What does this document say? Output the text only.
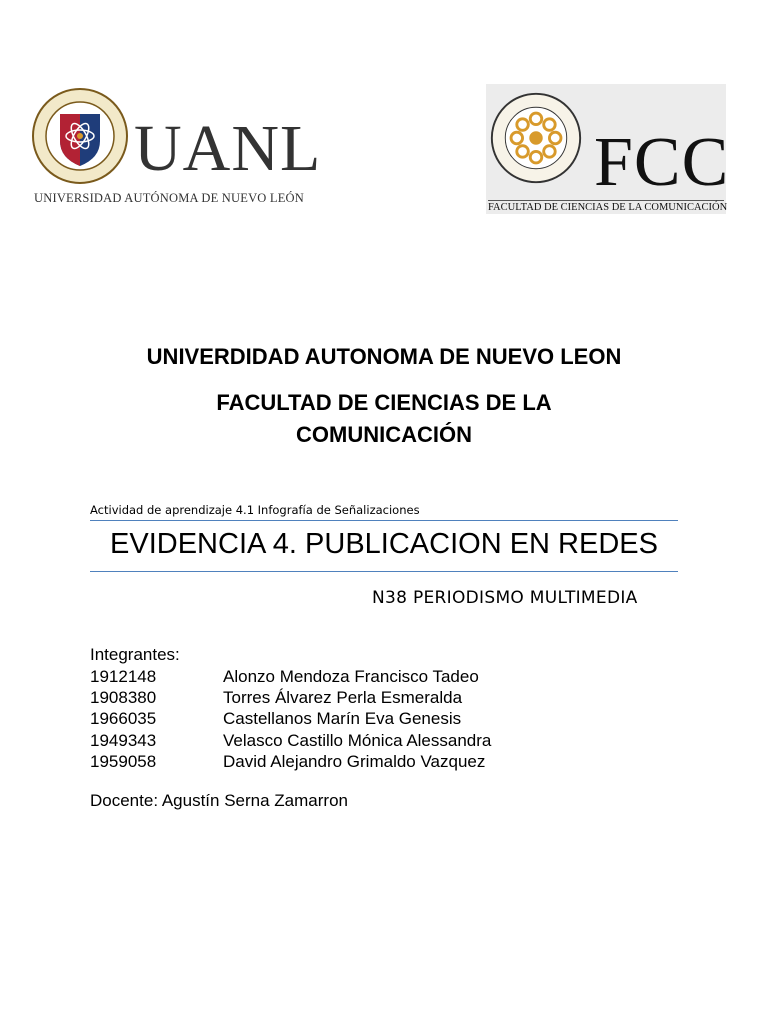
UANL
UNIVERSIDAD AUTÓNOMA DE NUEVO LEÓN	FCC
FACULTAD DE CIENCIAS DE LA COMUNICACIÓN
UNIVERDIDAD AUTONOMA DE NUEVO LEON
FACULTAD DE CIENCIAS DE LA COMUNICACIÓN
Actividad de aprendizaje 4.1 Infografía de Señalizaciones
EVIDENCIA 4. PUBLICACION EN REDES
N38 PERIODISMO MULTIMEDIA
Integrantes:
1912148	Alonzo Mendoza Francisco Tadeo
1908380	Torres Álvarez Perla Esmeralda
1966035	Castellanos Marín Eva Genesis
1949343	Velasco Castillo Mónica Alessandra
1959058	David Alejandro Grimaldo Vazquez
Docente: Agustín Serna Zamarron
